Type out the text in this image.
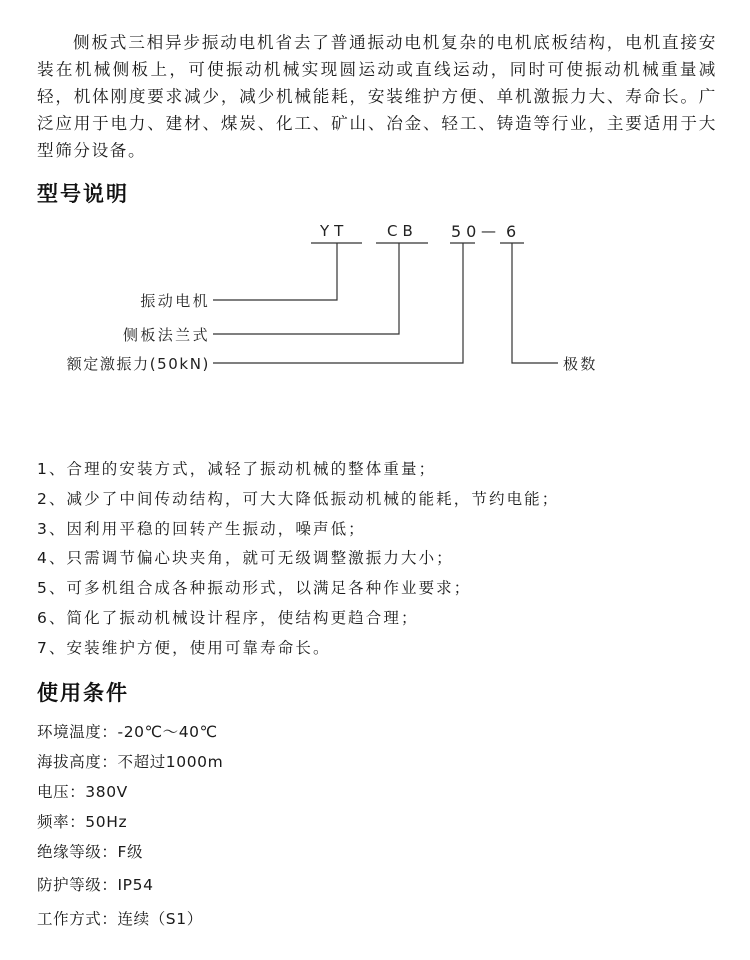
侧板式三相异步振动电机省去了普通振动电机复杂的电机底板结构，电机直接安装在机械侧板上，可使振动机械实现圆运动或直线运动，同时可使振动机械重量减轻，机体刚度要求减少，减少机械能耗，安装维护方便、单机激振力大、寿命长。广泛应用于电力、建材、煤炭、化工、矿山、冶金、轻工、铸造等行业，主要适用于大型筛分设备。

型号说明
YT	CB 50 — 6
振动电机
侧板法兰式
额定激振力(50kN)	极数
1、合理的安装方式，减轻了振动机械的整体重量；
2、减少了中间传动结构，可大大降低振动机械的能耗，节约电能；
3、因利用平稳的回转产生振动，噪声低；
4、只需调节偏心块夹角，就可无级调整激振力大小；
5、可多机组合成各种振动形式，以满足各种作业要求；
6、简化了振动机械设计程序，使结构更趋合理；
7、安装维护方便，使用可靠寿命长。
使用条件
环境温度：-20℃～40℃
海拔高度：不超过1000m
电压：380V
频率：50Hz
绝缘等级：F级
防护等级：IP54
工作方式：连续（S1）
